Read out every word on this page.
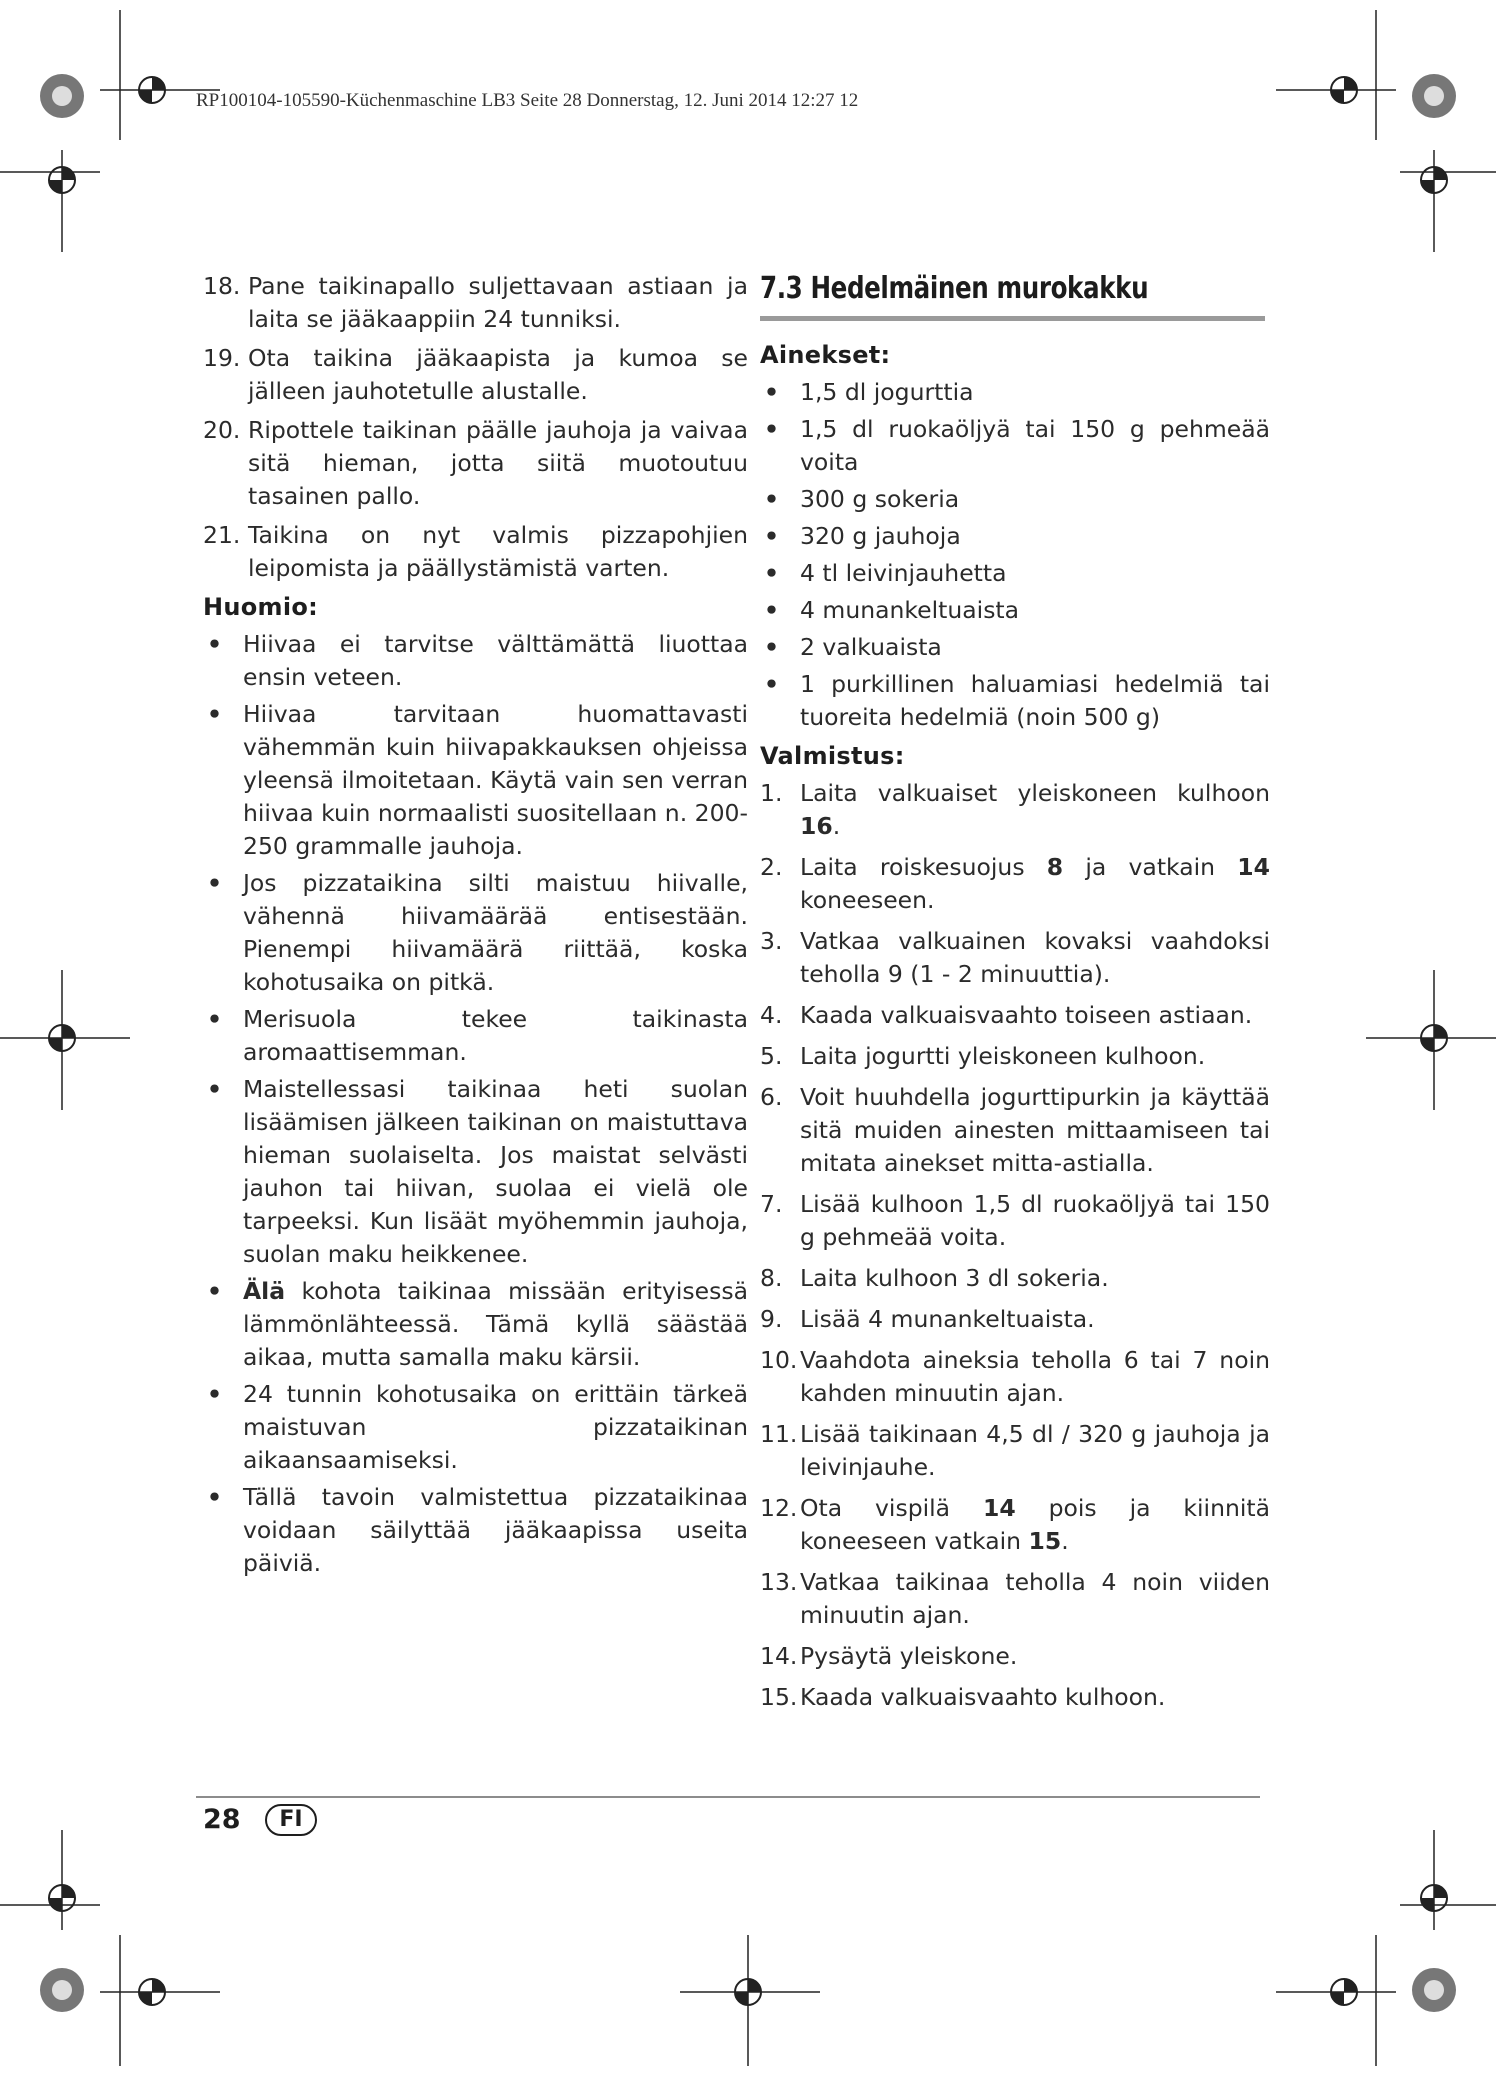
RP100104-105590-Küchenmaschine LB3 Seite 28 Donnerstag, 12. Juni 2014 12:27 12
18. Pane taikinapallo suljettavaan astiaan ja laita se jääkaappiin 24 tunniksi.
19. Ota taikina jääkaapista ja kumoa se jälleen jauhotetulle alustalle.
20. Ripottele taikinan päälle jauhoja ja vaivaa sitä hieman, jotta siitä muotoutuu tasainen pallo.
21. Taikina on nyt valmis pizzapohjien leipomista ja päällystämistä varten.
Huomio:
• Hiivaa ei tarvitse välttämättä liuottaa ensin veteen.
• Hiivaa tarvitaan huomattavasti vähemmän kuin hiivapakkauksen ohjeissa yleensä ilmoitetaan. Käytä vain sen verran hiivaa kuin normaalisti suositellaan n. 200-250 grammalle jauhoja.
• Jos pizzataikina silti maistuu hiivalle, vähennä hiivamäärää entisestään. Pienempi hiivamäärä riittää, koska kohotusaika on pitkä.
• Merisuola tekee taikinasta aromaattisemman.
• Maistellessasi taikinaa heti suolan lisäämisen jälkeen taikinan on maistuttava hieman suolaiselta. Jos maistat selvästi jauhon tai hiivan, suolaa ei vielä ole tarpeeksi. Kun lisäät myöhemmin jauhoja, suolan maku heikkenee.
• Älä kohota taikinaa missään erityisessä lämmönlähteessä. Tämä kyllä säästää aikaa, mutta samalla maku kärsii.
• 24 tunnin kohotusaika on erittäin tärkeä maistuvan pizzataikinan aikaansaamiseksi.
• Tällä tavoin valmistettua pizzataikinaa voidaan säilyttää jääkaapissa useita päiviä.
7.3 Hedelmäinen murokakku
Ainekset:
• 1,5 dl jogurttia
• 1,5 dl ruokaöljyä tai 150 g pehmeää voita
• 300 g sokeria
• 320 g jauhoja
• 4 tl leivinjauhetta
• 4 munankeltuaista
• 2 valkuaista
• 1 purkillinen haluamiasi hedelmiä tai tuoreita hedelmiä (noin 500 g)
Valmistus:
1. Laita valkuaiset yleiskoneen kulhoon 16.
2. Laita roiskesuojus 8 ja vatkain 14 koneeseen.
3. Vatkaa valkuainen kovaksi vaahdoksi teholla 9 (1 - 2 minuuttia).
4. Kaada valkuaisvaahto toiseen astiaan.
5. Laita jogurtti yleiskoneen kulhoon.
6. Voit huuhdella jogurttipurkin ja käyttää sitä muiden ainesten mittaamiseen tai mitata ainekset mitta-astialla.
7. Lisää kulhoon 1,5 dl ruokaöljyä tai 150 g pehmeää voita.
8. Laita kulhoon 3 dl sokeria.
9. Lisää 4 munankeltuaista.
10. Vaahdota aineksia teholla 6 tai 7 noin kahden minuutin ajan.
11. Lisää taikinaan 4,5 dl / 320 g jauhoja ja leivinjauhe.
12. Ota vispilä 14 pois ja kiinnitä koneeseen vatkain 15.
13. Vatkaa taikinaa teholla 4 noin viiden minuutin ajan.
14. Pysäytä yleiskone.
15. Kaada valkuaisvaahto kulhoon.
28	FI
